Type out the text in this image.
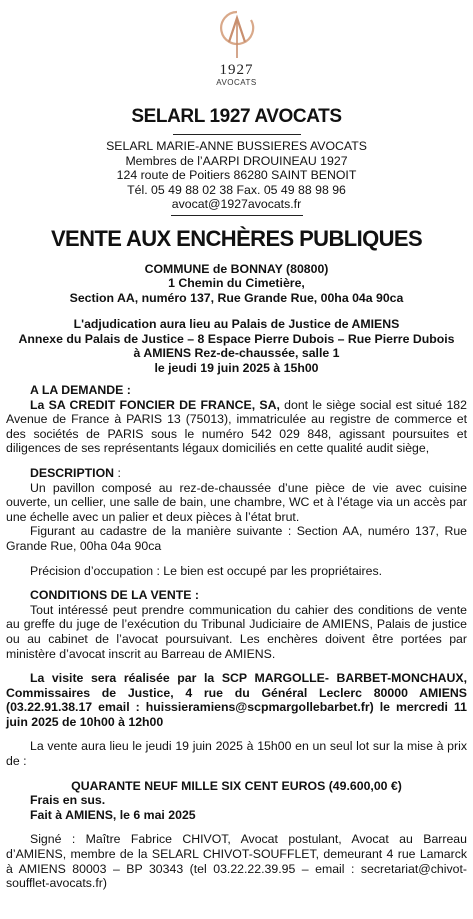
1927
AVOCATS
SELARL 1927 AVOCATS
SELARL MARIE-ANNE BUSSIERES AVOCATS
Membres de l’AARPI DROUINEAU 1927
124 route de Poitiers 86280 SAINT BENOIT
Tél. 05 49 88 02 38 Fax. 05 49 88 98 96
avocat@1927avocats.fr
VENTE AUX ENCHÈRES PUBLIQUES
COMMUNE de BONNAY (80800)
1 Chemin du Cimetière,
Section AA, numéro 137, Rue Grande Rue, 00ha 04a 90ca
L'adjudication aura lieu au Palais de Justice de AMIENS
Annexe du Palais de Justice – 8 Espace Pierre Dubois – Rue Pierre Dubois
à AMIENS Rez-de-chaussée, salle 1
le jeudi 19 juin 2025 à 15h00
A LA DEMANDE :
La SA CREDIT FONCIER DE FRANCE, SA, dont le siège social est situé 182 Avenue de France à PARIS 13 (75013), immatriculée au registre de commerce et des sociétés de PARIS sous le numéro 542 029 848, agissant poursuites et diligences de ses représentants légaux domiciliés en cette qualité audit siège,
DESCRIPTION :
Un pavillon composé au rez-de-chaussée d’une pièce de vie avec cuisine ouverte, un cellier, une salle de bain, une chambre, WC et à l’étage via un accès par une échelle avec un palier et deux pièces à l’état brut.
Figurant au cadastre de la manière suivante : Section AA, numéro 137, Rue Grande Rue, 00ha 04a 90ca
Précision d’occupation : Le bien est occupé par les propriétaires.
CONDITIONS DE LA VENTE :
Tout intéressé peut prendre communication du cahier des conditions de vente au greffe du juge de l’exécution du Tribunal Judiciaire de AMIENS, Palais de justice ou au cabinet de l’avocat poursuivant. Les enchères doivent être portées par ministère d’avocat inscrit au Barreau de AMIENS.
La visite sera réalisée par la SCP MARGOLLE- BARBET-MONCHAUX, Commissaires de Justice, 4 rue du Général Leclerc 80000 AMIENS (03.22.91.38.17 email : huissieramiens@scpmargollebarbet.fr) le mercredi 11 juin 2025 de 10h00 à 12h00
La vente aura lieu le jeudi 19 juin 2025 à 15h00 en un seul lot sur la mise à prix de :
QUARANTE NEUF MILLE SIX CENT EUROS (49.600,00 €)
Frais en sus.
Fait à AMIENS, le 6 mai 2025
Signé : Maître Fabrice CHIVOT, Avocat postulant, Avocat au Barreau d’AMIENS, membre de la SELARL CHIVOT-SOUFFLET, demeurant 4 rue Lamarck à AMIENS 80003 – BP 30343 (tel 03.22.22.39.95 – email : secretariat@chivot-soufflet-avocats.fr)
